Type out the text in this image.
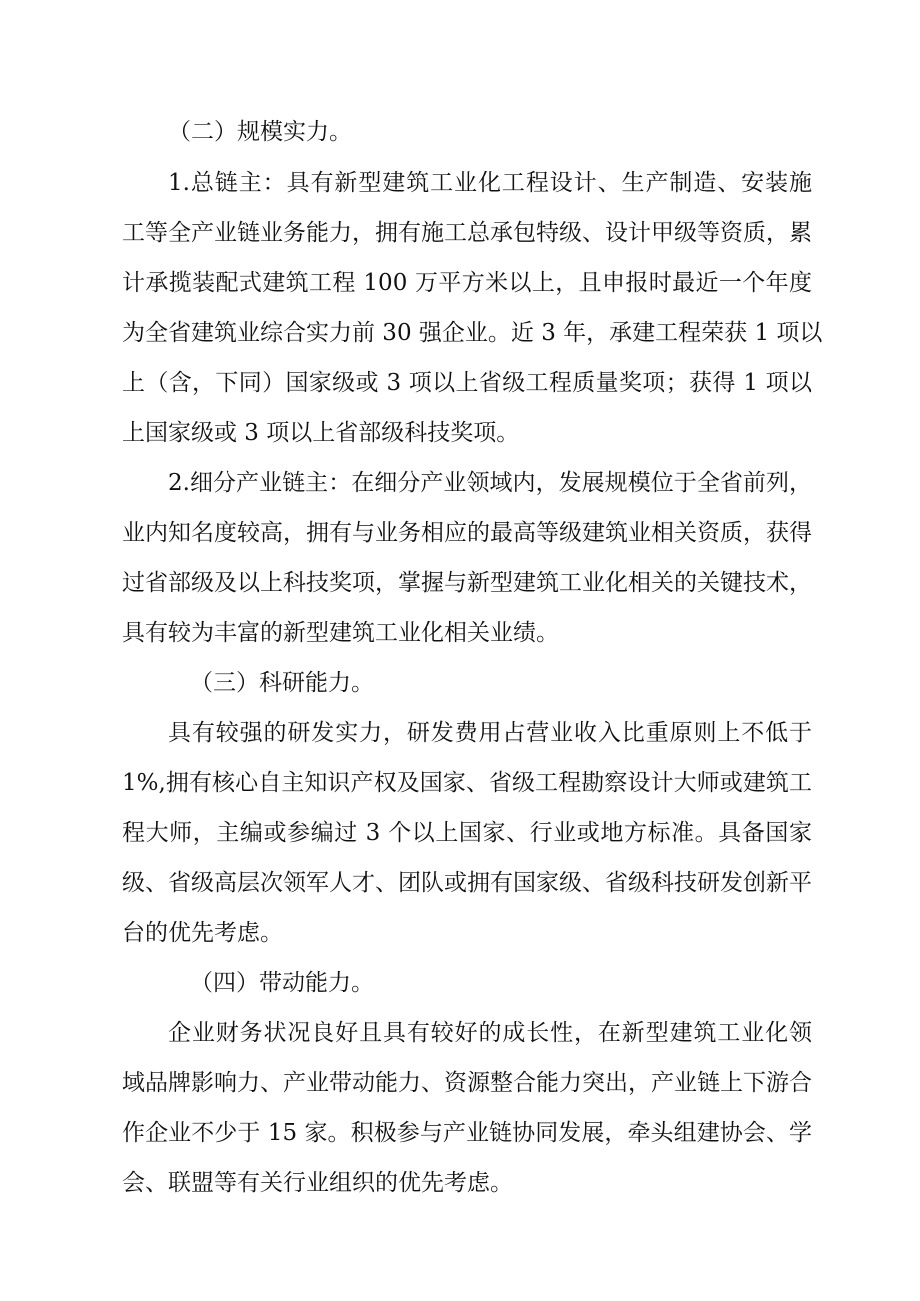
（二）规模实力。
1.总链主：具有新型建筑工业化工程设计、生产制造、安装施
工等全产业链业务能力，拥有施工总承包特级、设计甲级等资质，累
计承揽装配式建筑工程 100 万平方米以上，且申报时最近一个年度
为全省建筑业综合实力前 30 强企业。近 3 年，承建工程荣获 1 项以
上（含，下同）国家级或 3 项以上省级工程质量奖项；获得 1 项以
上国家级或 3 项以上省部级科技奖项。
2.细分产业链主：在细分产业领域内，发展规模位于全省前列，
业内知名度较高，拥有与业务相应的最高等级建筑业相关资质，获得
过省部级及以上科技奖项，掌握与新型建筑工业化相关的关键技术，
具有较为丰富的新型建筑工业化相关业绩。
（三）科研能力。
具有较强的研发实力，研发费用占营业收入比重原则上不低于
1%,拥有核心自主知识产权及国家、省级工程勘察设计大师或建筑工
程大师，主编或参编过 3 个以上国家、行业或地方标准。具备国家
级、省级高层次领军人才、团队或拥有国家级、省级科技研发创新平
台的优先考虑。
（四）带动能力。
企业财务状况良好且具有较好的成长性，在新型建筑工业化领
域品牌影响力、产业带动能力、资源整合能力突出，产业链上下游合
作企业不少于 15 家。积极参与产业链协同发展，牵头组建协会、学
会、联盟等有关行业组织的优先考虑。
